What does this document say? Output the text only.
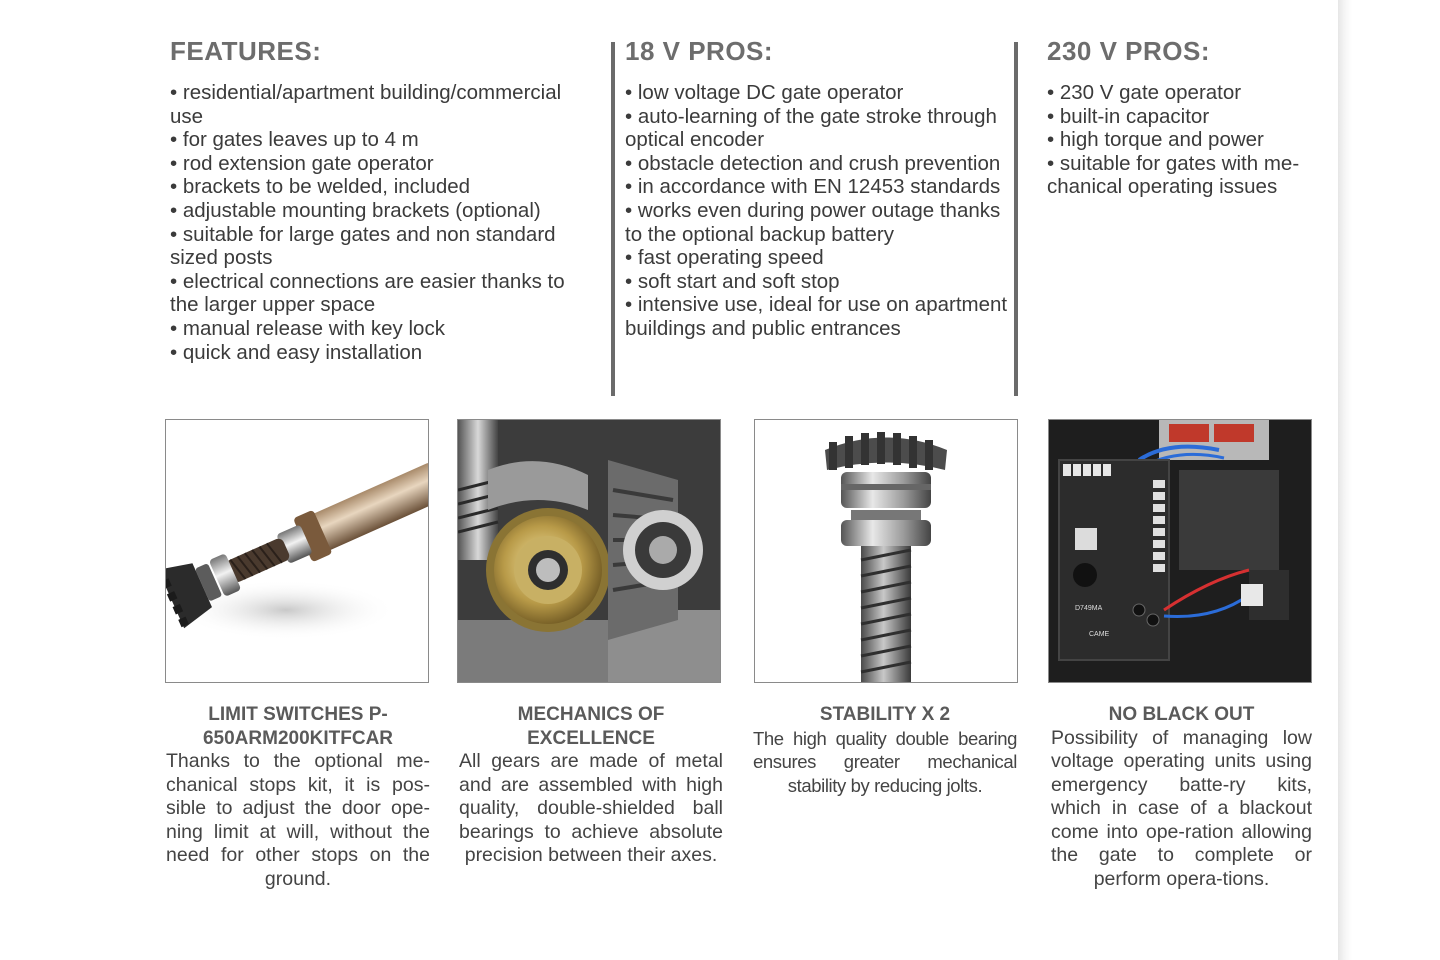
FEATURES:
• residential/apartment building/commercial use
• for gates leaves up to 4 m
• rod extension gate operator
• brackets to be welded, included
• adjustable mounting brackets (optional)
• suitable for large gates and non standard sized posts
• electrical connections are easier thanks to the larger upper space
• manual release with key lock
• quick and easy installation
18 V PROS:
• low voltage DC gate operator
• auto-learning of the gate stroke through optical encoder
• obstacle detection and crush prevention
• in accordance with EN 12453 standards
• works even during power outage thanks to the optional backup battery
• fast operating speed
• soft start and soft stop
• intensive use, ideal for use on apartment buildings and public entrances
230 V PROS:
• 230 V gate operator
• built-in capacitor
• high torque and power
• suitable for gates with me-chanical operating issues
D749MA
CAME
LIMIT SWITCHES P-650ARM200KITFCAR

Thanks to the optional me-chanical stops kit, it is pos-sible to adjust the door ope-ning limit at will, without the need for other stops on the ground.

MECHANICS OF EXCELLENCE

All gears are made of metal and are assembled with high quality, double-shielded ball bearings to achieve absolute precision between their axes.

STABILITY X 2

The high quality double bearing ensures greater mechanical stability by reducing jolts.

NO BLACK OUT

Possibility of managing low voltage operating units using emergency batte-ry kits, which in case of a blackout come into ope-ration allowing the gate to complete or perform opera-tions.
